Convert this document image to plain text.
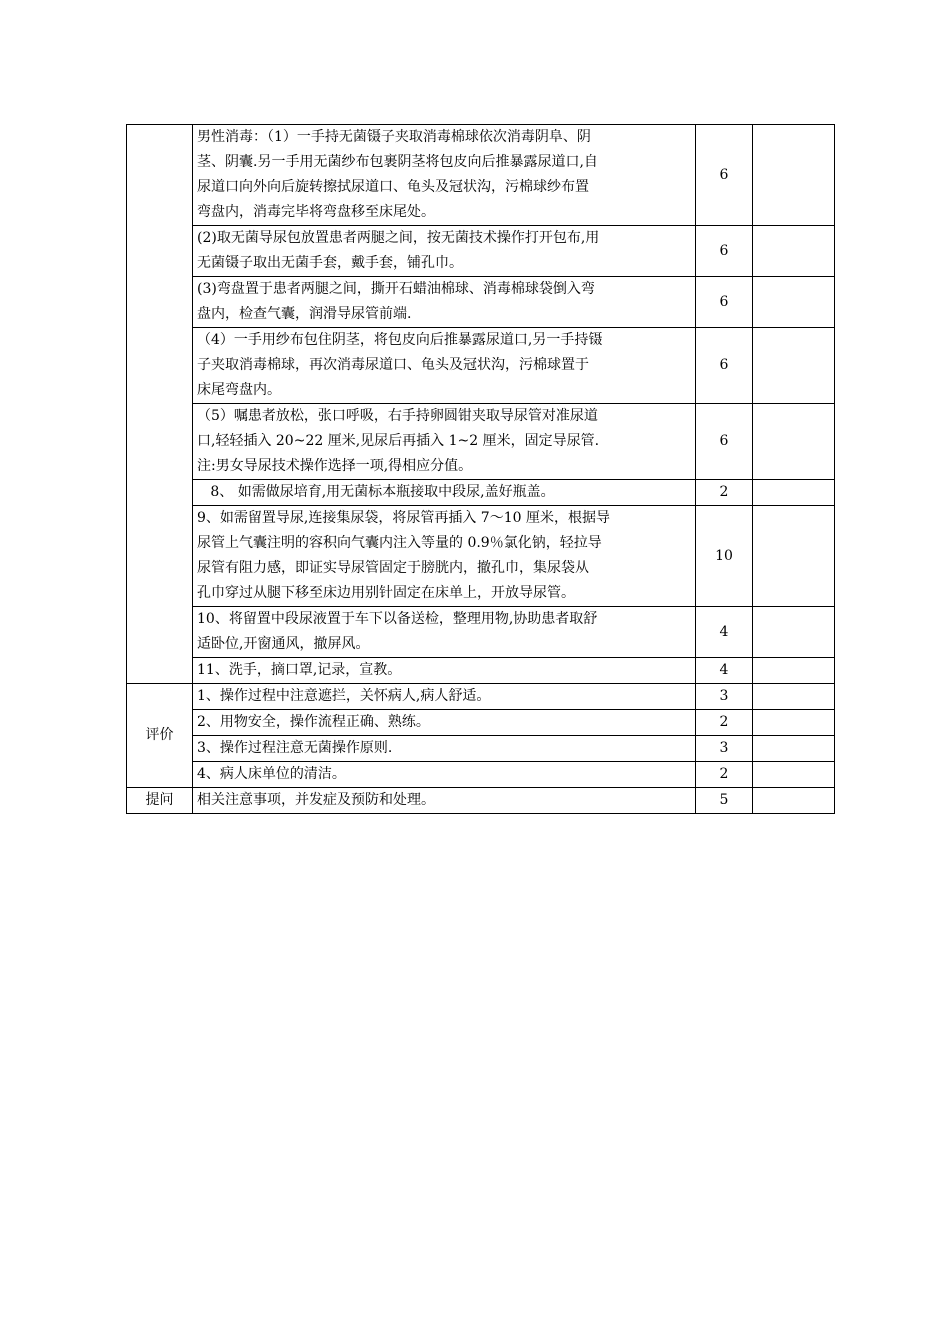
	男性消毒：（1）一手持无菌镊子夹取消毒棉球依次消毒阴阜、阴
茎、阴囊.另一手用无菌纱布包裹阴茎将包皮向后推暴露尿道口,自
尿道口向外向后旋转擦拭尿道口、龟头及冠状沟，污棉球纱布置
弯盘内，消毒完毕将弯盘移至床尾处。	6	

	(2)取无菌导尿包放置患者两腿之间，按无菌技术操作打开包布,用
无菌镊子取出无菌手套，戴手套，铺孔巾。	6	

	(3)弯盘置于患者两腿之间，撕开石蜡油棉球、消毒棉球袋倒入弯
盘内，检查气囊，润滑导尿管前端.	6	

	（4）一手用纱布包住阴茎，将包皮向后推暴露尿道口,另一手持镊
子夹取消毒棉球，再次消毒尿道口、龟头及冠状沟，污棉球置于
床尾弯盘内。	6	

	（5）嘱患者放松，张口呼吸，右手持卵圆钳夹取导尿管对准尿道
口,轻轻插入 20~22 厘米,见尿后再插入 1~2 厘米，固定导尿管.
注:男女导尿技术操作选择一项,得相应分值。	6	

	8、 如需做尿培育,用无菌标本瓶接取中段尿,盖好瓶盖。	2	

	9、如需留置导尿,连接集尿袋，将尿管再插入 7～10 厘米，根据导
尿管上气囊注明的容积向气囊内注入等量的 0.9％氯化钠，轻拉导
尿管有阻力感，即证实导尿管固定于膀胱内，撤孔巾，集尿袋从
孔巾穿过从腿下移至床边用别针固定在床单上，开放导尿管。	10	

	10、将留置中段尿液置于车下以备送检，整理用物,协助患者取舒
适卧位,开窗通风，撤屏风。	4	

	11、洗手，摘口罩,记录，宣教。	4	
评价	1、操作过程中注意遮拦，关怀病人,病人舒适。	3	
	2、用物安全，操作流程正确、熟练。	2	
	3、操作过程注意无菌操作原则.	3	
	4、病人床单位的清洁。	2	
提问	相关注意事项，并发症及预防和处理。	5	
